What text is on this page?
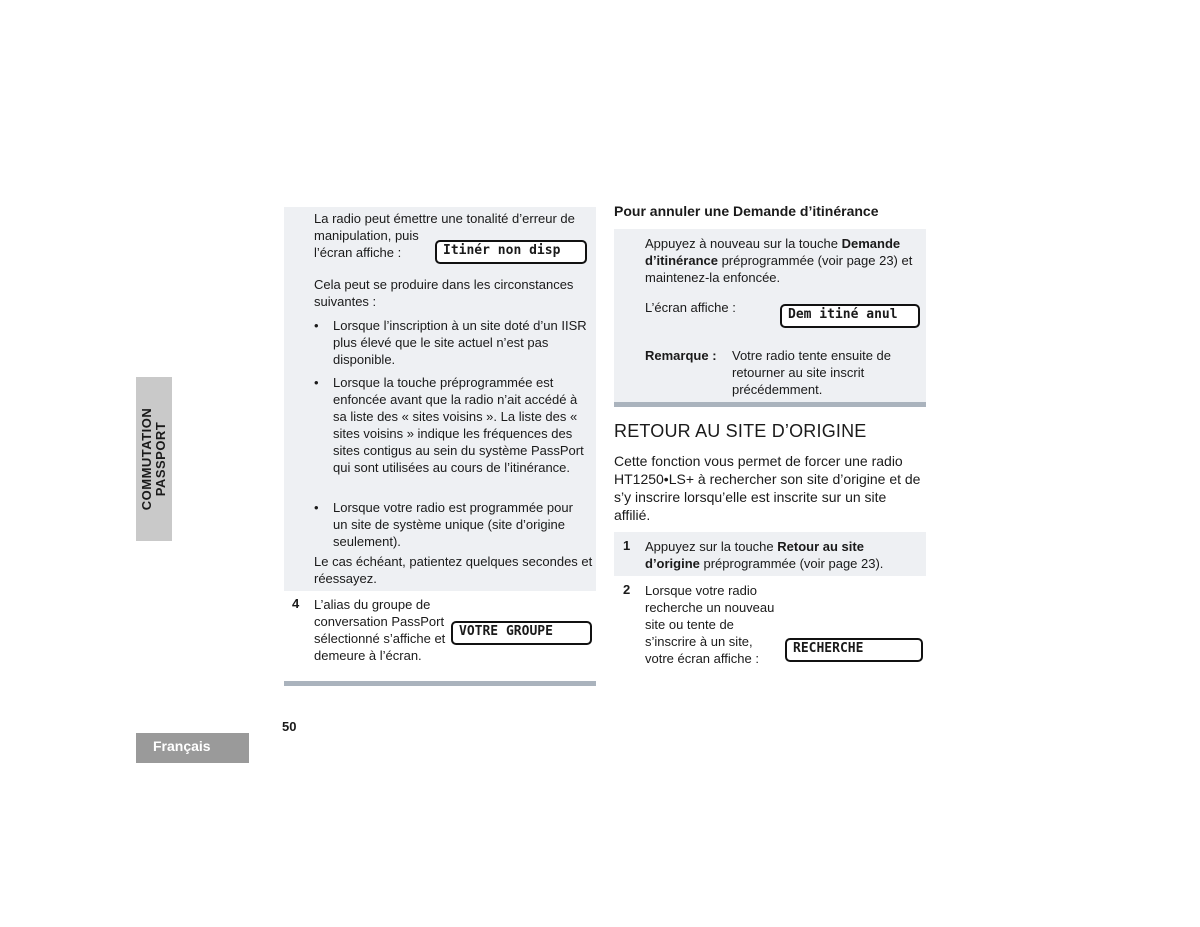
COMMUTATION PASSPORT
Français
50
La radio peut émettre une tonalité d’erreur de
manipulation, puis
l’écran affiche :	Itinér non disp
Cela peut se produire dans les circonstances suivantes :
• Lorsque l’inscription à un site doté d’un IISR plus élevé que le site actuel n’est pas disponible.
• Lorsque la touche préprogrammée est enfoncée avant que la radio n’ait accédé à sa liste des « sites voisins ». La liste des « sites voisins » indique les fréquences des sites contigus au sein du système PassPort qui sont utilisées au cours de l’itinérance.
• Lorsque votre radio est programmée pour un site de système unique (site d’origine seulement).
Le cas échéant, patientez quelques secondes et réessayez.
4 L’alias du groupe de conversation PassPort sélectionné s’affiche et demeure à l’écran.
VOTRE GROUPE
Pour annuler une Demande d’itinérance
Appuyez à nouveau sur la touche Demande d’itinérance préprogrammée (voir page 23) et maintenez-la enfoncée.
L’écran affiche :	Dem itiné anul
Remarque : Votre radio tente ensuite de retourner au site inscrit précédemment.
RETOUR AU SITE D’ORIGINE
Cette fonction vous permet de forcer une radio HT1250•LS+ à rechercher son site d’origine et de s’y inscrire lorsqu’elle est inscrite sur un site affilié.
1 Appuyez sur la touche Retour au site d’origine préprogrammée (voir page 23).
2 Lorsque votre radio recherche un nouveau site ou tente de s’inscrire à un site, votre écran affiche :
RECHERCHE
